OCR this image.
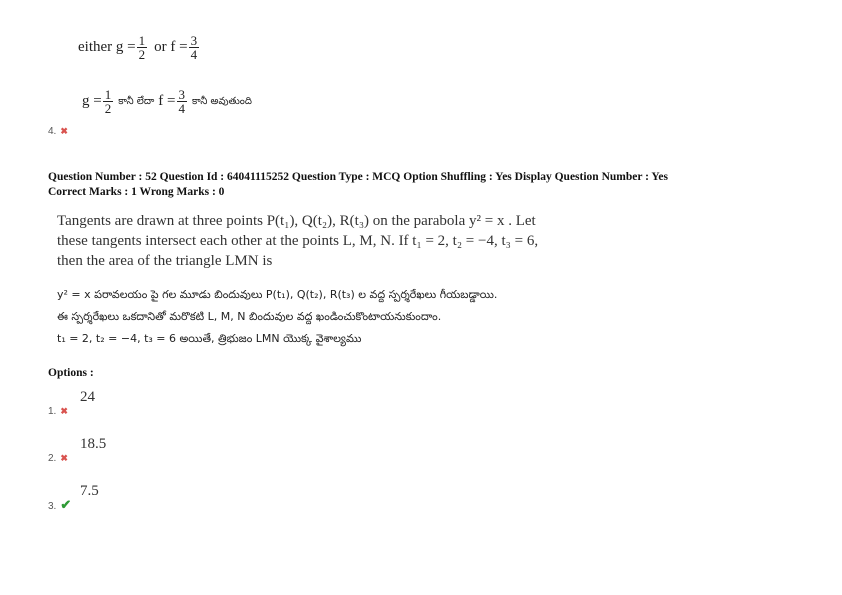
either $g = \frac{1}{2}$ or $f = \frac{3}{4}$
$g = \frac{1}{2}$ కానీ లేదా $f = \frac{3}{4}$ కానీ అవుతుంది
4. ✖
Question Number : 52 Question Id : 64041115252 Question Type : MCQ Option Shuffling : Yes Display Question Number : Yes
Correct Marks : 1 Wrong Marks : 0
Tangents are drawn at three points P(t₁), Q(t₂), R(t₃) on the parabola y² = x . Let
these tangents intersect each other at the points L, M, N. If t₁ = 2, t₂ = −4, t₃ = 6,
then the area of the triangle LMN is
y² = x పరావలయం పై గల మూడు బిందువులు P(t₁), Q(t₂), R(t₃) ల వద్ద స్పర్శరేఖలు గీయబడ్డాయి.
ఈ స్పర్శరేఖలు ఒకదానితో మరొకటి L, M, N బిందువుల వద్ద ఖండించుకొంటాయనుకుందాం.
t₁ = 2, t₂ = −4, t₃ = 6 అయితే, త్రిభుజం LMN యొక్క వైశాల్యము
Options :
24
1. ✖
18.5
2. ✖
7.5
3. ✔
